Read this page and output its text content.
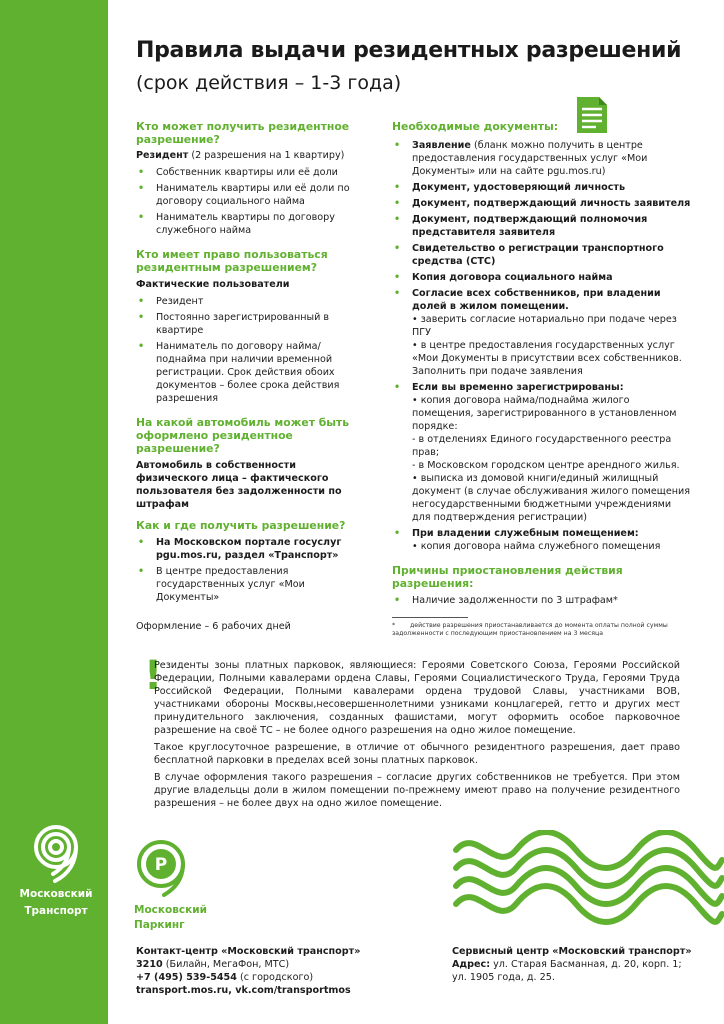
Московский
Транспорт
Правила выдачи резидентных разрешений
(срок действия – 1-3 года)
Кто может получить резидентное разрешение?
Резидент (2 разрешения на 1 квартиру)
• Собственник квартиры или её доли
• Наниматель квартиры или её доли по договору социального найма
• Наниматель квартиры по договору служебного найма
Кто имеет право пользоваться резидентным разрешением?
Фактические пользователи
• Резидент
• Постоянно зарегистрированный в квартире
• Наниматель по договору найма/поднайма при наличии временной регистрации. Срок действия обоих документов – более срока действия разрешения
На какой автомобиль может быть оформлено резидентное разрешение?
Автомобиль в собственности физического лица – фактического пользователя без задолженности по штрафам
Как и где получить разрешение?
• На Московском портале госуслуг pgu.mos.ru, раздел «Транспорт»
• В центре предоставления государственных услуг «Мои Документы»
Оформление – 6 рабочих дней
Необходимые документы:
• Заявление (бланк можно получить в центре предоставления государственных услуг «Мои Документы» или на сайте pgu.mos.ru)
• Документ, удостоверяющий личность
• Документ, подтверждающий личность заявителя
• Документ, подтверждающий полномочия представителя заявителя
• Свидетельство о регистрации транспортного средства (СТС)
• Копия договора социального найма
• Согласие всех собственников, при владении долей в жилом помещении.
• заверить согласие нотариально при подаче через ПГУ
• в центре предоставления государственных услуг «Мои Документы в присутствии всех собственников. Заполнить при подаче заявления
• Если вы временно зарегистрированы:
• копия договора найма/поднайма жилого помещения, зарегистрированного в установленном порядке:
- в отделениях Единого государственного реестра прав;
- в Московском городском центре арендного жилья.
• выписка из домовой книги/единый жилищный документ (в случае обслуживания жилого помещения негосударственными бюджетными учреждениями для подтверждения регистрации)
• При владении служебным помещением:
• копия договора найма служебного помещения
Причины приостановления действия разрешения:
• Наличие задолженности по 3 штрафам*
* действие разрешения приостанавливается до момента оплаты полной суммы задолженности с последующим приостановлением на 3 месяца
!

Резиденты зоны платных парковок, являющиеся: Героями Советского Союза, Героями Российской Федерации, Полными кавалерами ордена Славы, Героями Социалистического Труда, Героями Труда Российской Федерации, Полными кавалерами ордена трудовой Славы, участниками ВОВ, участниками обороны Москвы,несовершеннолетними узниками концлагерей, гетто и других мест принудительного заключения, созданных фашистами, могут оформить особое парковочное разрешение на своё ТС – не более одного разрешения на одно жилое помещение.

Такое круглосуточное разрешение, в отличие от обычного резидентного разрешения, дает право бесплатной парковки в пределах всей зоны платных парковок.

В случае оформления такого разрешения – согласие других собственников не требуется. При этом другие владельцы доли в жилом помещении по-прежнему имеют право на получение резидентного разрешения – не более двух на одно жилое помещение.

P
Московский
Паркинг
Контакт-центр «Московский транспорт»
3210 (Билайн, МегаФон, МТС)
+7 (495) 539-5454 (с городского)
transport.mos.ru, vk.com/transportmos
Сервисный центр «Московский транспорт»
Адрес: ул. Старая Басманная, д. 20, корп. 1;
ул. 1905 года, д. 25.
